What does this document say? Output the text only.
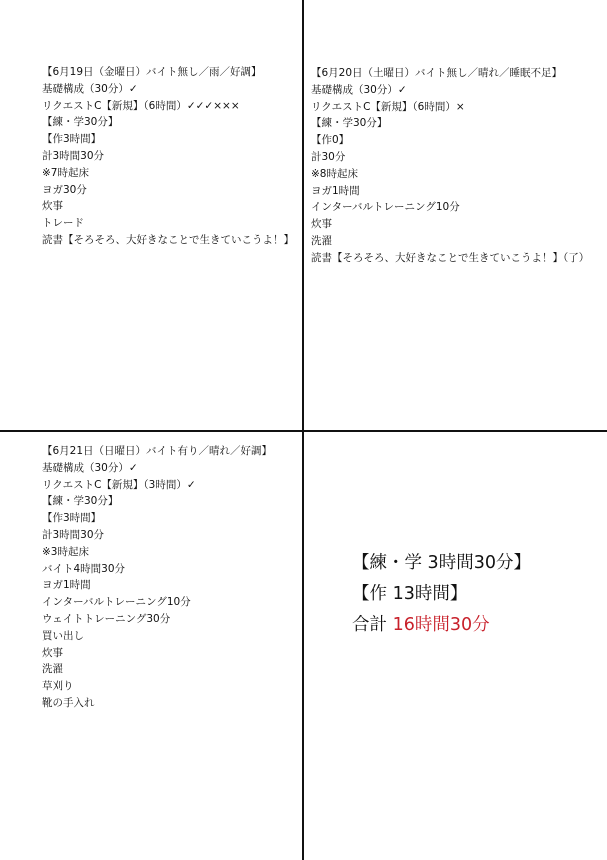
【6月19日（金曜日）バイト無し／雨／好調】
基礎構成（30分）✓
リクエストC【新規】（6時間）✓✓✓×××
【練・学30分】
【作3時間】
計3時間30分
※7時起床
ヨガ30分
炊事
トレード
読書【そろそろ、大好きなことで生きていこうよ！】
【6月20日（土曜日）バイト無し／晴れ／睡眠不足】
基礎構成（30分）✓
リクエストC【新規】（6時間）×
【練・学30分】
【作0】
計30分
※8時起床
ヨガ1時間
インターバルトレーニング10分
炊事
洗濯
読書【そろそろ、大好きなことで生きていこうよ！】（了）
【6月21日（日曜日）バイト有り／晴れ／好調】
基礎構成（30分）✓
リクエストC【新規】（3時間）✓
【練・学30分】
【作3時間】
計3時間30分
※3時起床
バイト4時間30分
ヨガ1時間
インターバルトレーニング10分
ウェイトトレーニング30分
買い出し
炊事
洗濯
草刈り
靴の手入れ
【練・学 3時間30分】
【作 13時間】
合計 16時間30分
